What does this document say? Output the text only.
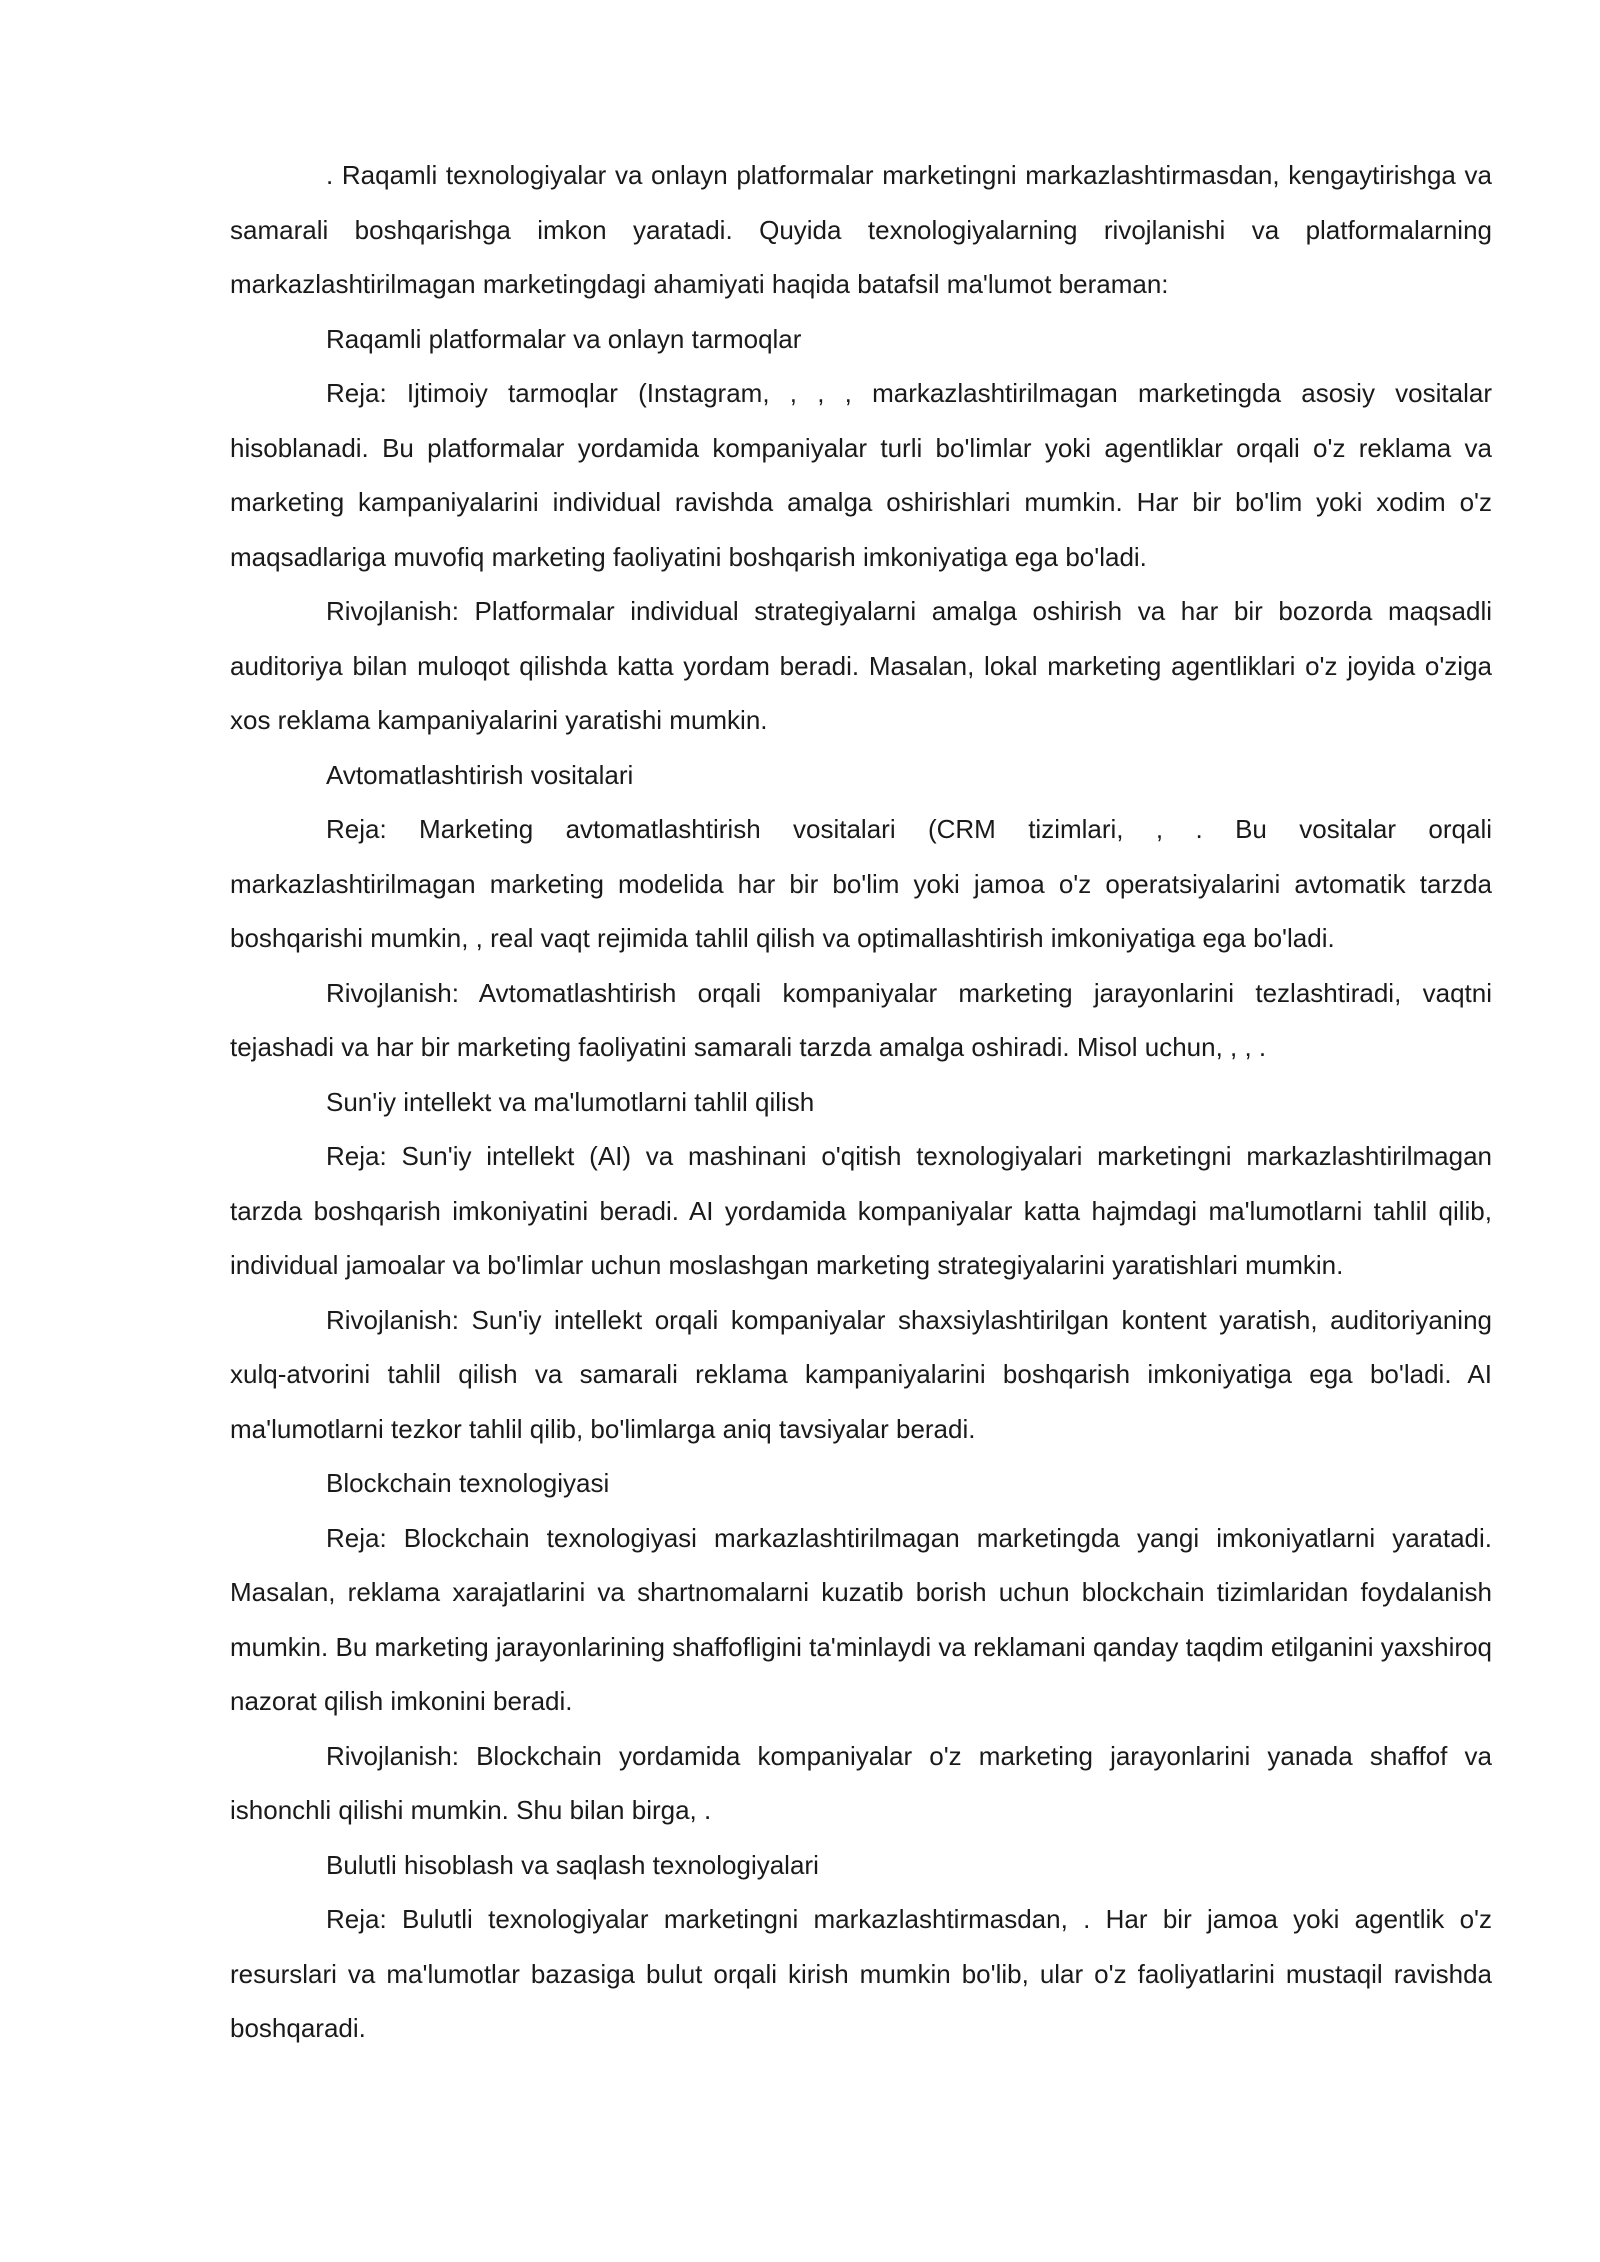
. Raqamli texnologiyalar va onlayn platformalar marketingni markazlashtirmasdan, kengaytirishga va samarali boshqarishga imkon yaratadi. Quyida texnologiyalarning rivojlanishi va platformalarning markazlashtirilmagan marketingdagi ahamiyati haqida batafsil ma'lumot beraman:

Raqamli platformalar va onlayn tarmoqlar

Reja: Ijtimoiy tarmoqlar (Instagram, , , , markazlashtirilmagan marketingda asosiy vositalar hisoblanadi. Bu platformalar yordamida kompaniyalar turli bo'limlar yoki agentliklar orqali o'z reklama va marketing kampaniyalarini individual ravishda amalga oshirishlari mumkin. Har bir bo'lim yoki xodim o'z maqsadlariga muvofiq marketing faoliyatini boshqarish imkoniyatiga ega bo'ladi.

Rivojlanish: Platformalar individual strategiyalarni amalga oshirish va har bir bozorda maqsadli auditoriya bilan muloqot qilishda katta yordam beradi. Masalan, lokal marketing agentliklari o'z joyida o'ziga xos reklama kampaniyalarini yaratishi mumkin.

Avtomatlashtirish vositalari

Reja: Marketing avtomatlashtirish vositalari (CRM tizimlari, , . Bu vositalar orqali markazlashtirilmagan marketing modelida har bir bo'lim yoki jamoa o'z operatsiyalarini avtomatik tarzda boshqarishi mumkin, , real vaqt rejimida tahlil qilish va optimallashtirish imkoniyatiga ega bo'ladi.

Rivojlanish: Avtomatlashtirish orqali kompaniyalar marketing jarayonlarini tezlashtiradi, vaqtni tejashadi va har bir marketing faoliyatini samarali tarzda amalga oshiradi. Misol uchun, , , .

Sun'iy intellekt va ma'lumotlarni tahlil qilish

Reja: Sun'iy intellekt (AI) va mashinani o'qitish texnologiyalari marketingni markazlashtirilmagan tarzda boshqarish imkoniyatini beradi. AI yordamida kompaniyalar katta hajmdagi ma'lumotlarni tahlil qilib, individual jamoalar va bo'limlar uchun moslashgan marketing strategiyalarini yaratishlari mumkin.

Rivojlanish: Sun'iy intellekt orqali kompaniyalar shaxsiylashtirilgan kontent yaratish, auditoriyaning xulq-atvorini tahlil qilish va samarali reklama kampaniyalarini boshqarish imkoniyatiga ega bo'ladi. AI ma'lumotlarni tezkor tahlil qilib, bo'limlarga aniq tavsiyalar beradi.

Blockchain texnologiyasi

Reja: Blockchain texnologiyasi markazlashtirilmagan marketingda yangi imkoniyatlarni yaratadi. Masalan, reklama xarajatlarini va shartnomalarni kuzatib borish uchun blockchain tizimlaridan foydalanish mumkin. Bu marketing jarayonlarining shaffofligini ta'minlaydi va reklamani qanday taqdim etilganini yaxshiroq nazorat qilish imkonini beradi.

Rivojlanish: Blockchain yordamida kompaniyalar o'z marketing jarayonlarini yanada shaffof va ishonchli qilishi mumkin. Shu bilan birga, .

Bulutli hisoblash va saqlash texnologiyalari

Reja: Bulutli texnologiyalar marketingni markazlashtirmasdan, . Har bir jamoa yoki agentlik o'z resurslari va ma'lumotlar bazasiga bulut orqali kirish mumkin bo'lib, ular o'z faoliyatlarini mustaqil ravishda boshqaradi.
